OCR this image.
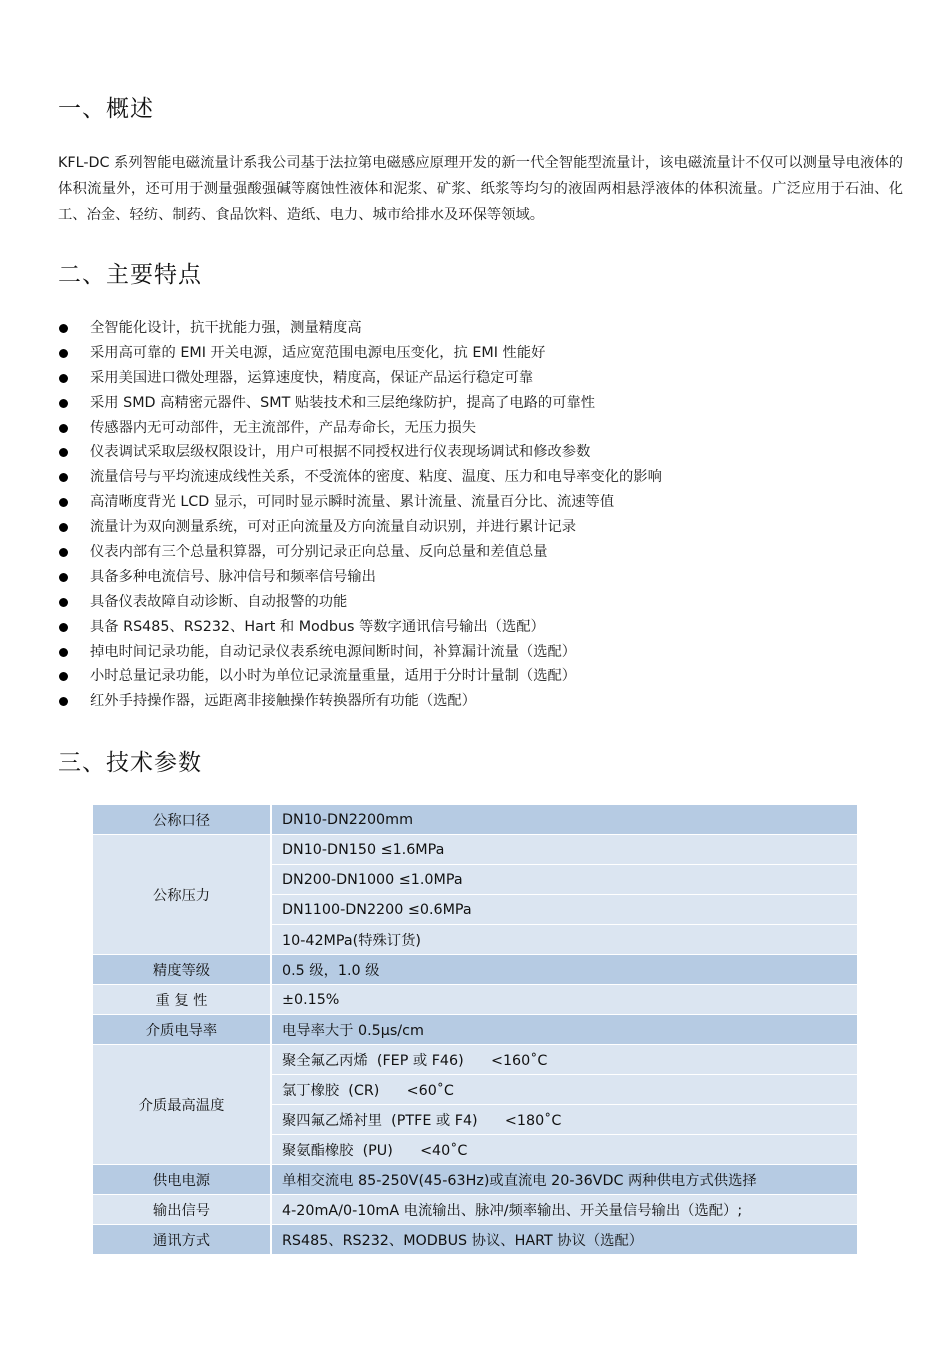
一、概述

KFL-DC 系列智能电磁流量计系我公司基于法拉第电磁感应原理开发的新一代全智能型流量计，该电磁流量计不仅可以测量导电液体的体积流量外，还可用于测量强酸强碱等腐蚀性液体和泥浆、矿浆、纸浆等均匀的液固两相悬浮液体的体积流量。广泛应用于石油、化工、冶金、轻纺、制药、食品饮料、造纸、电力、城市给排水及环保等领域。

二、主要特点
全智能化设计，抗干扰能力强，测量精度高
采用高可靠的 EMI 开关电源，适应宽范围电源电压变化，抗 EMI 性能好
采用美国进口微处理器，运算速度快，精度高，保证产品运行稳定可靠
采用 SMD 高精密元器件、SMT 贴装技术和三层绝缘防护，提高了电路的可靠性
传感器内无可动部件，无主流部件，产品寿命长，无压力损失
仪表调试采取层级权限设计，用户可根据不同授权进行仪表现场调试和修改参数
流量信号与平均流速成线性关系，不受流体的密度、粘度、温度、压力和电导率变化的影响
高清晰度背光 LCD 显示，可同时显示瞬时流量、累计流量、流量百分比、流速等值
流量计为双向测量系统，可对正向流量及方向流量自动识别，并进行累计记录
仪表内部有三个总量积算器，可分别记录正向总量、反向总量和差值总量
具备多种电流信号、脉冲信号和频率信号输出
具备仪表故障自动诊断、自动报警的功能
具备 RS485、RS232、Hart 和 Modbus 等数字通讯信号输出（选配）
掉电时间记录功能，自动记录仪表系统电源间断时间，补算漏计流量（选配）
小时总量记录功能，以小时为单位记录流量重量，适用于分时计量制（选配）
红外手持操作器，远距离非接触操作转换器所有功能（选配）
三、技术参数
公称口径	DN10-DN2200mm
公称压力	DN10-DN150 ≤1.6MPa
	DN200-DN1000 ≤1.0MPa
	DN1100-DN2200 ≤0.6MPa
	10-42MPa(特殊订货)
精度等级	0.5 级，1.0 级
重 复 性	±0.15%
介质电导率	电导率大于 0.5μs/cm
介质最高温度	聚全氟乙丙烯  (FEP 或 F46)      <160˚C
	氯丁橡胶  (CR)      <60˚C
	聚四氟乙烯衬里  (PTFE 或 F4)      <180˚C
	聚氨酯橡胶  (PU)      <40˚C
供电电源	单相交流电 85-250V(45-63Hz)或直流电 20-36VDC 两种供电方式供选择
输出信号	4-20mA/0-10mA 电流输出、脉冲/频率输出、开关量信号输出（选配）;
通讯方式	RS485、RS232、MODBUS 协议、HART 协议（选配）
